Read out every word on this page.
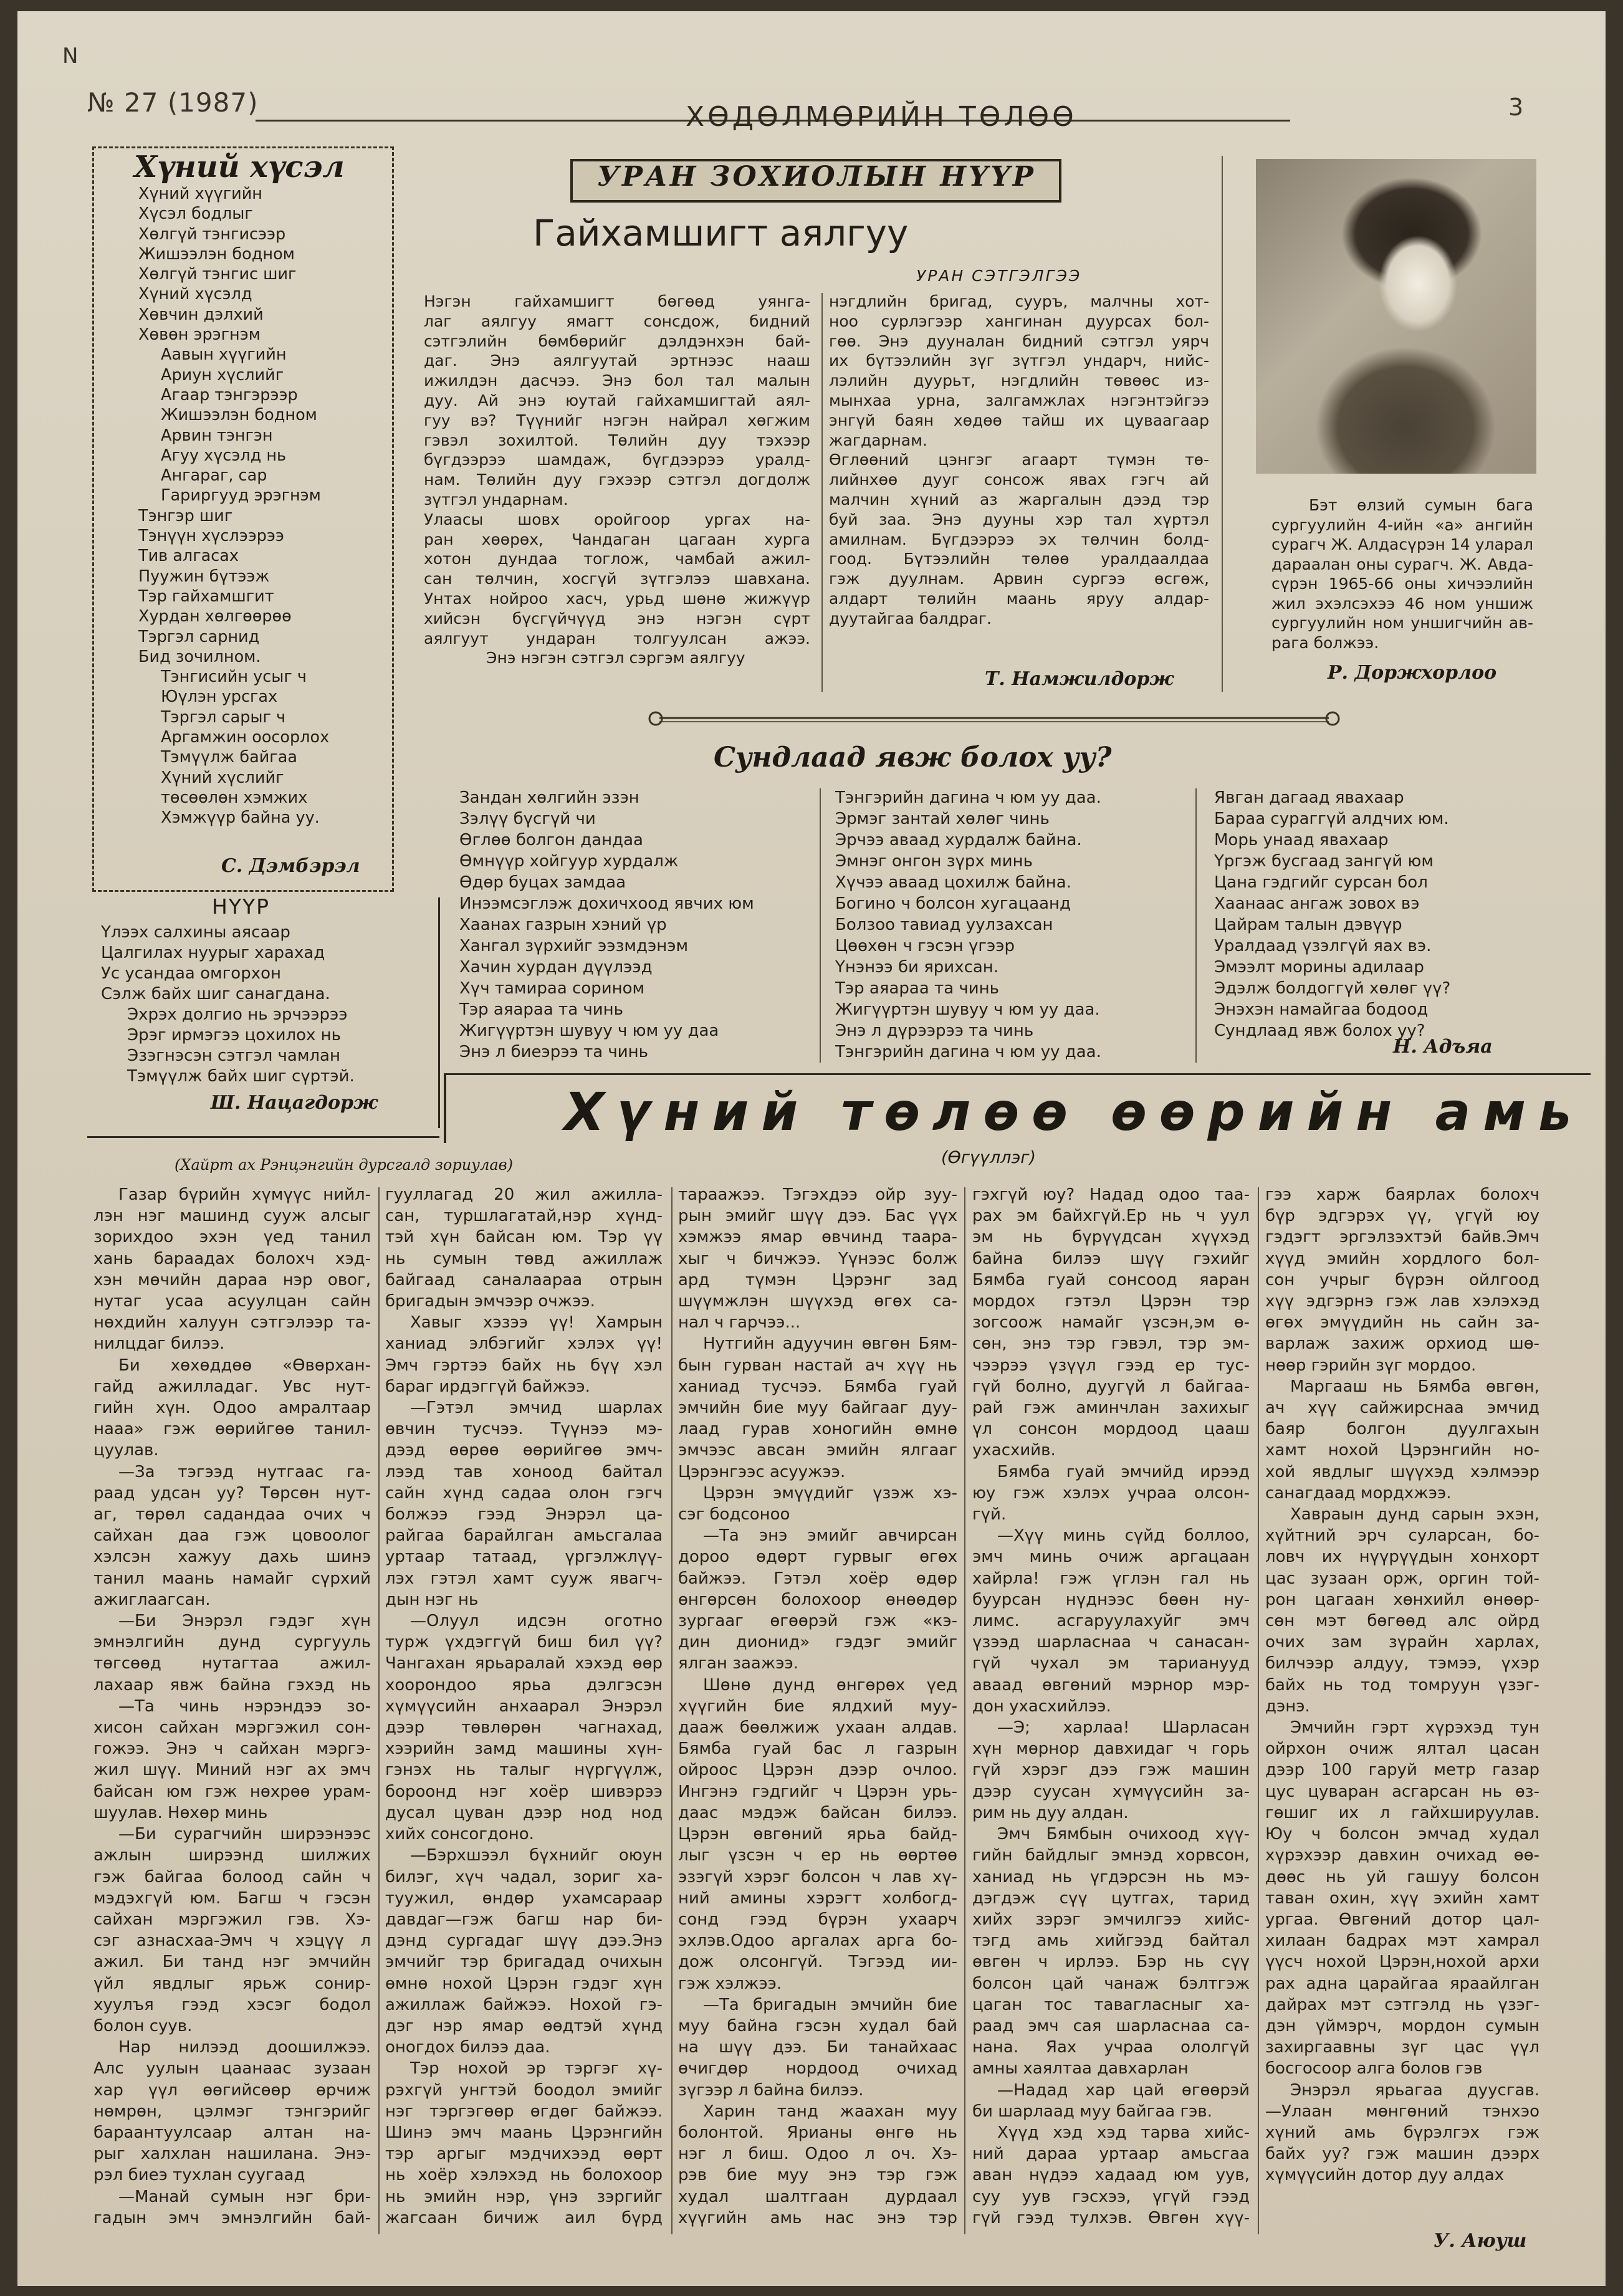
N
№ 27 (1987)	ХӨДӨЛМӨРИЙН ТӨЛӨӨ	3
Хүний хүсэл
Хүний хүүгийн
Хүсэл бодлыг
Хөлгүй тэнгисээр
Жишээлэн бодном
Хөлгүй тэнгис шиг
Хүний хүсэлд
Хөвчин дэлхий
Хөвөн эрэгнэм
Аавын хүүгийн
Ариун хүслийг
Агаар тэнгэрээр
Жишээлэн бодном
Арвин тэнгэн
Агуу хүсэлд нь
Ангараг, сар
Гариргууд эрэгнэм
Тэнгэр шиг
Тэнүүн хүслээрээ
Тив алгасах
Пуужин бүтээж
Тэр гайхамшгит
Хурдан хөлгөөрөө
Тэргэл сарнид
Бид зочилном.
Тэнгисийн усыг ч
Юүлэн урсгах
Тэргэл сарыг ч
Аргамжин оосорлох
Тэмүүлж байгаа
Хүний хүслийг
төсөөлөн хэмжих
Хэмжүүр байна уу.
С. Дэмбэрэл
НҮҮР
Үлээх салхины аясаар
Цалгилах нуурыг харахад
Ус усандаа омгорхон
Сэлж байх шиг санагдана.
Эхрэх долгио нь эрчээрээ
Эрэг ирмэгээ цохилох нь
Эзэгнэсэн сэтгэл чамлан
Тэмүүлж байх шиг сүртэй.
Ш. Нацагдорж
УРАН ЗОХИОЛЫН НҮҮР
Гайхамшигт аялгуу
УРАН СЭТГЭЛГЭЭ
Нэгэн гайхамшигт бөгөөд уянга-
лаг аялгуу ямагт сонсдож, бидний
сэтгэлийн бөмбөрийг дэлдэнхэн бай-
даг. Энэ аялгуутай эртнээс нааш
ижилдэн дасчээ. Энэ бол тал малын
дуу. Ай энэ юутай гайхамшигтай аял-
гуу вэ? Түүнийг нэгэн найрал хөгжим
гэвэл зохилтой. Төлийн дуу тэхээр
бүгдээрээ шамдаж, бүгдээрээ уралд-
нам. Төлийн дуу гэхээр сэтгэл догдолж
зүтгэл ундарнам.
Улаасы шовх оройгоор ургах на-
ран хөөрөх, Чандаган цагаан хурга
хотон дундаа тоглож, чамбай ажил-
сан төлчин, хосгүй зүтгэлээ шавхана.
Унтах нойроо хасч, урьд шөнө жижүүр
хийсэн бүсгүйчүүд энэ нэгэн сүрт
аялгуут ундаран толгуулсан ажээ.
Энэ нэгэн сэтгэл сэргэм аялгуу
нэгдлийн бригад, сууръ, малчны хот-
ноо сурлэгээр хангинан дуурсах бол-
гөө. Энэ дууналан бидний сэтгэл уярч
их бүтээлийн зүг зүтгэл ундарч, нийс-
лэлийн дуурьт, нэгдлийн төвөөс из-
мынхаа урна, залгамжлах нэгэнтэйгээ
энгүй баян хөдөө тайш их цуваагаар
жагдарнам.
Өглөөний цэнгэг агаарт түмэн тө-
лийнхөө дууг сонсож явах гэгч ай
малчин хүний аз жаргалын дээд тэр
буй заа. Энэ дууны хэр тал хүртэл
амилнам. Бүгдээрээ эх төлчин болд-
гоод. Бүтээлийн төлөө уралдаалдаа
гэж дуулнам. Арвин сургээ өсгөж,
алдарт төлийн маань яруу алдар-
дуутайгаа балдраг.
Т. Намжилдорж
Бэт өлзий сумын бага
сургуулийн 4-ийн «а» ангийн
сурагч Ж. Алдасүрэн 14 уларал
дараалан оны сурагч. Ж. Авда-
сүрэн 1965-66 оны хичээлийн
жил эхэлсэхээ 46 ном уншиж
сургуулийн ном уншигчийн ав-
рага болжээ.
Р. Доржхорлоо
Сундлаад явж болох уу?
Зандан хөлгийн эзэн
Зэлүү бүсгүй чи
Өглөө болгон дандаа
Өмнүүр хойгуур хурдалж
Өдөр буцах замдаа
Инээмсэглэж дохичхоод явчих юм
Хаанах газрын хэний үр
Хангал зүрхийг ээзмдэнэм
Хачин хурдан дүүлээд
Хүч тамираа сорином
Тэр аяараа та чинь
Жигүүртэн шувуу ч юм уу даа
Энэ л биеэрээ та чинь
Тэнгэрийн дагина ч юм уу даа.
Эрмэг зантай хөлөг чинь
Эрчээ аваад хурдалж байна.
Эмнэг онгон зүрх минь
Хүчээ аваад цохилж байна.
Богино ч болсон хугацаанд
Болзоо тавиад уулзахсан
Цөөхөн ч гэсэн үгээр
Үнэнээ би ярихсан.
Тэр аяараа та чинь
Жигүүртэн шувуу ч юм уу даа.
Энэ л дүрээрээ та чинь
Тэнгэрийн дагина ч юм уу даа.
Явган дагаад явахаар
Бараа сураггүй алдчих юм.
Морь унаад явахаар
Үргэж бусгаад зангүй юм
Цана гэдгийг сурсан бол
Хаанаас ангаж зовох вэ
Цайрам талын дэвүүр
Уралдаад үзэлгүй яах вэ.
Эмээлт морины адилаар
Эдэлж болдоггүй хөлөг үү?
Энэхэн намайгаа бодоод
Сундлаад явж болох уу?
Н. Адъяа
Хүний төлөө өөрийн амь
(Өгүүллэг)
(Хайрт ах Рэнцэнгийн дурсгалд зориулав)
Газар бүрийн хүмүүс нийл-
лэн нэг машинд сууж алсыг
зорихдоо эхэн үед танил
хань бараадах болохч хэд-
хэн мөчийн дараа нэр овог,
нутаг усаа асуулцан сайн
нөхдийн халуун сэтгэлээр та-
нилцдаг билээ.
Би хөхөддөө «Өвөрхан-
гайд ажилладаг. Увс нут-
гийн хүн. Одоо амралтаар
нааа» гэж өөрийгөө танил-
цуулав.
—За тэгээд нутгаас га-
раад удсан уу? Төрсөн нут-
аг, төрөл садандаа очих ч
сайхан даа гэж цовоолог
хэлсэн хажуу дахь шинэ
танил маань намайг сүрхий
ажиглаагсан.
—Би Энэрэл гэдэг хүн
эмнэлгийн дунд сургууль
төгсөөд нутагтаа ажил-
лахаар явж байна гэхэд нь
—Та чинь нэрэндээ зо-
хисон сайхан мэргэжил сон-
гожээ. Энэ ч сайхан мэргэ-
жил шүү. Миний нэг ах эмч
байсан юм гэж нөхрөө урам-
шуулав. Нөхөр минь
—Би сурагчийн ширээнээс
ажлын ширээнд шилжих
гэж байгаа болоод сайн ч
мэдэхгүй юм. Багш ч гэсэн
сайхан мэргэжил гэв. Хэ-
сэг азнасхаа-Эмч ч хэцүү л
ажил. Би танд нэг эмчийн
үйл явдлыг ярьж сонир-
хуулъя гээд хэсэг бодол
болон суув.
Нар нилээд доошилжээ.
Алс уулын цаанаас зузаан
хар үүл өөгийсөөр өрчиж
нөмрөн, цэлмэг тэнгэрийг
бараантуулсаар алтан на-
рыг халхлан нашилана. Энэ-
рэл биеэ тухлан суугаад
—Манай сумын нэг бри-
гадын эмч эмнэлгийн бай-
гууллагад 20 жил ажилла-
сан, туршлагатай,нэр хүнд-
тэй хүн байсан юм. Тэр үү
нь сумын төвд ажиллаж
байгаад саналаараа отрын
бригадын эмчээр очжээ.
Хавыг хэзээ үү! Хамрын
ханиад элбэгийг хэлэх үү!
Эмч гэртээ байх нь бүү хэл
бараг ирдэггүй байжээ.
—Гэтэл эмчид шарлах
өвчин тусчээ. Түүнээ мэ-
дээд өөрөө өөрийгөө эмч-
лээд тав хоноод байтал
сайн хүнд садаа олон гэгч
болжээ гээд Энэрэл ца-
райгаа барайлган амьсгалаа
уртаар татаад, үргэлжлүү-
лэх гэтэл хамт сууж явагч-
дын нэг нь
—Олуул идсэн оготно
турж үхдэггүй биш бил үү?
Чангахан ярьаралай хэхэд өөр
хоорондоо ярьа дэлгэсэн
хүмүүсийн анхаарал Энэрэл
дээр төвлөрөн чагнахад,
хээрийн замд машины хүн-
гэнэх нь талыг нүргүүлж,
бороонд нэг хоёр шивэрээ
дусал цуван дээр нод нод
хийх сонсогдоно.
—Бэрхшээл бүхнийг оюун
билэг, хүч чадал, зориг ха-
туужил, өндөр ухамсараар
давдаг—гэж багш нар би-
дэнд сургадаг шүү дээ.Энэ
эмчийг тэр бригадад очихын
өмнө нохой Цэрэн гэдэг хүн
ажиллаж байжээ. Нохой гэ-
дэг нэр ямар өөдтэй хүнд
оногдох билээ даа.
Тэр нохой эр тэргэг хү-
рэхгүй унгтэй боодол эмийг
нэг тэргэгөөр өгдөг байжээ.
Шинэ эмч маань Цэрэнгийн
тэр аргыг мэдчихээд өөрт
нь хоёр хэлэхэд нь болохоор
нь эмийн нэр, үнэ зэргийг
жагсаан бичиж аил бүрд
тараажээ. Тэгэхдээ ойр зуу-
рын эмийг шүү дээ. Бас үүх
хэмжээ ямар өвчинд таара-
хыг ч бичжээ. Үүнээс болж
ард түмэн Цэрэнг зад
шүүмжлэн шүүхэд өгөх са-
нал ч гарчээ...
Нутгийн адуучин өвгөн Бям-
бын гурван настай ач хүү нь
ханиад тусчээ. Бямба гуай
эмчийн бие муу байгааг дуу-
лаад гурав хоногийн өмнө
эмчээс авсан эмийн ялгааг
Цэрэнгээс асуужээ.
Цэрэн эмүүдийг үзэж хэ-
сэг бодсоноо
—Та энэ эмийг авчирсан
дороо өдөрт гурвыг өгөх
байжээ. Гэтэл хоёр өдөр
өнгөрсөн болохоор өнөөдөр
зургааг өгөөрэй гэж «кэ-
дин дионид» гэдэг эмийг
ялган заажээ.
Шөнө дунд өнгөрөх үед
хүүгийн бие ялдхий муу-
дааж бөөлжиж ухаан алдав.
Бямба гуай бас л газрын
ойроос Цэрэн дээр очлоо.
Ингэнэ гэдгийг ч Цэрэн урь-
даас мэдэж байсан билээ.
Цэрэн өвгөний ярьа байд-
лыг үзсэн ч ер нь өөртөө
эзэгүй хэрэг болсон ч лав хү-
ний амины хэрэгт холбогд-
сонд гээд бүрэн ухаарч
эхлэв.Одоо аргалах арга бо-
дож олсонгүй. Тэгээд ии-
гэж хэлжээ.
—Та бригадын эмчийн бие
муу байна гэсэн худал бай
на шүү дээ. Би танайхаас
өчигдөр нордоод очихад
зүгээр л байна билээ.
Харин танд жаахан муу
болонтой. Ярианы өнгө нь
нэг л биш. Одоо л оч. Хэ-
рэв бие муу энэ тэр гэж
худал шалтгаан дурдаал
хүүгийн амь нас энэ тэр
гэхгүй юу? Надад одоо таа-
рах эм байхгүй.Ер нь ч уул
эм нь бүрүүдсан хүүхэд
байна билээ шүү гэхийг
Бямба гуай сонсоод яаран
мордох гэтэл Цэрэн тэр
зогсоож намайг үзсэн,эм ө-
сөн, энэ тэр гэвэл, тэр эм-
чээрээ үзүүл гээд ер тус-
гүй болно, дуугүй л байгаа-
рай гэж аминчлан захихыг
үл сонсон мордоод цааш
ухасхийв.
Бямба гуай эмчийд ирээд
юу гэж хэлэх учраа олсон-
гүй.
—Хүү минь сүйд боллоо,
эмч минь очиж аргацаан
хайрла! гэж үглэн гал нь
буурсан нүднээс бөөн ну-
лимс. асгаруулахуйг эмч
үзээд шарласнаа ч санасан-
гүй чухал эм тарианууд
аваад өвгөний мэрнор мэр-
дон ухасхийлээ.
—Э; харлаа! Шарласан
хүн мөрнор давхидаг ч горь
гүй хэрэг дээ гэж машин
дээр суусан хүмүүсийн за-
рим нь дуу алдан.
Эмч Бямбын очихоод хүү-
гийн байдлыг эмнэд хорвсон,
ханиад нь үгдэрсэн нь мэ-
дэгдэж сүү цутгах, тарид
хийх зэрэг эмчилгээ хийс-
тэгд амь хийгээд байтал
өвгөн ч ирлээ. Бэр нь сүү
болсон цай чанаж бэлтгэж
цаган тос тавагласныг ха-
раад эмч сая шарласнаа са-
нана. Яах учраа ололгүй
амны хаялтаа давхарлан
—Надад хар цай өгөөрэй
би шарлаад муу байгаа гэв.
Хүүд хэд хэд тарва хийс-
ний дараа уртаар амьсгаа
аван нүдээ хадаад юм уув,
суу уув гэсхээ, үгүй гээд
гүй гээд тулхэв. Өвгөн хүү-
гээ харж баярлах болохч
бүр эдгэрэх үү, үгүй юу
гэдэгт эргэлзэхтэй байв.Эмч
хүүд эмийн хордлого бол-
сон учрыг бүрэн ойлгоод
хүү эдгэрнэ гэж лав хэлэхэд
өгөх эмүүдийн нь сайн за-
варлаж захиж орхиод шө-
нөөр гэрийн зүг мордоо.
Маргааш нь Бямба өвгөн,
ач хүү сайжирснаа эмчид
баяр болгон дуулгахын
хамт нохой Цэрэнгийн но-
хой явдлыг шүүхэд хэлмээр
санагдаад мордхжээ.
Хавраын дунд сарын эхэн,
хүйтний эрч суларсан, бо-
ловч их нүүрүүдын хонхорт
цас зузаан орж, оргин той-
рон цагаан хөнхийл өнөөр-
сөн мэт бөгөөд алс ойрд
очих зам зүрайн харлах,
билчээр алдуу, тэмээ, үхэр
байх нь тод томруун үзэг-
дэнэ.
Эмчийн гэрт хүрэхэд тун
ойрхон очиж ялтал цасан
дээр 100 гаруй метр газар
цус цуваран асгарсан нь өз-
гөшиг их л гайхшируулав.
Юу ч болсон эмчад худал
хүрэхээр давхин очихад өө-
дөөс нь уй гашуу болсон
таван охин, хүү эхийн хамт
ургаа. Өвгөний дотор цал-
хилаан бадрах мэт хамрал
үүсч нохой Цэрэн,нохой архи
рах адна царайгаа яраайлган
дайрах мэт сэтгэлд нь үзэг-
дэн үймэрч, мордон сумын
захиргаавны зүг цас үүл
босгосоор алга болов гэв
Энэрэл ярьагаа дуусгав.
—Улаан мөнгөний тэнхэо
хүний амь бүрэлгэх гэж
байх уу? гэж машин дээрх
хүмүүсийн дотор дуу алдах
У. Аюуш
